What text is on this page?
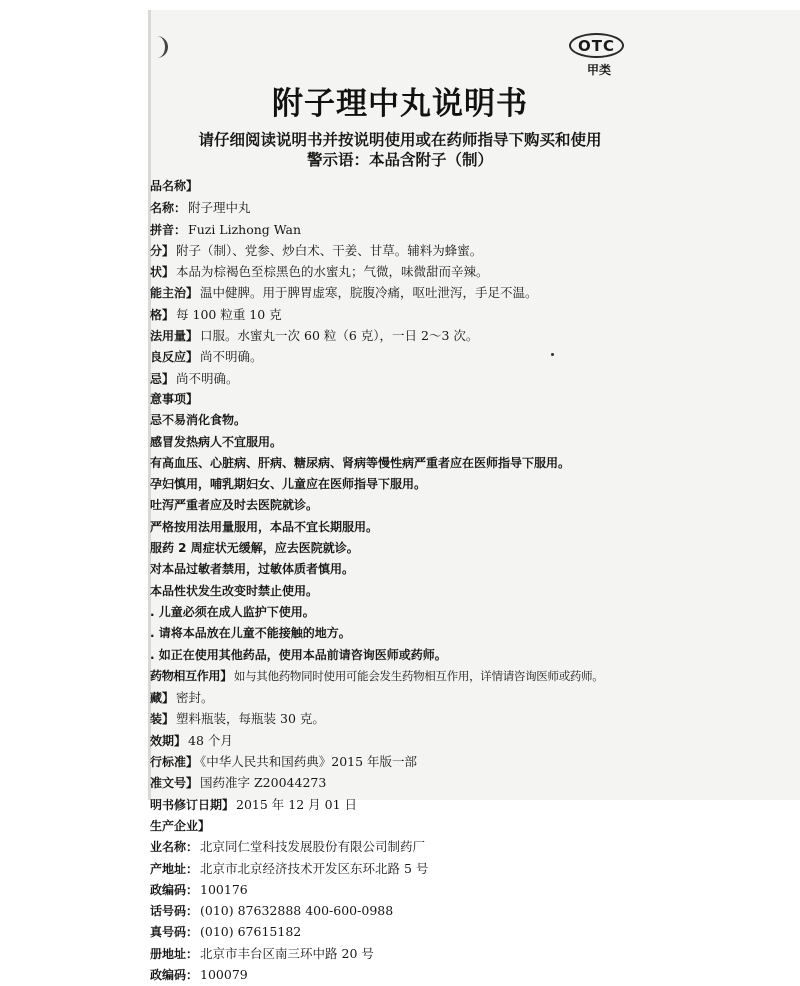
OTC
甲类
附子理中丸说明书
请仔细阅读说明书并按说明使用或在药师指导下购买和使用
警示语：本品含附子（制）
品名称】
名称： 附子理中丸
拼音： Fuzi Lizhong Wan
分】 附子（制）、党参、炒白术、干姜、甘草。辅料为蜂蜜。
状】 本品为棕褐色至棕黑色的水蜜丸；气微，味微甜而辛辣。
能主治】 温中健脾。用于脾胃虚寒，脘腹冷痛，呕吐泄泻，手足不温。
格】 每 100 粒重 10 克
法用量】 口服。水蜜丸一次 60 粒（6 克），一日 2～3 次。
良反应】 尚不明确。
忌】 尚不明确。
意事项】
忌不易消化食物。
感冒发热病人不宜服用。
有高血压、心脏病、肝病、糖尿病、肾病等慢性病严重者应在医师指导下服用。
孕妇慎用，哺乳期妇女、儿童应在医师指导下服用。
吐泻严重者应及时去医院就诊。
严格按用法用量服用，本品不宜长期服用。
服药 2 周症状无缓解，应去医院就诊。
对本品过敏者禁用，过敏体质者慎用。
本品性状发生改变时禁止使用。
. 儿童必须在成人监护下使用。
. 请将本品放在儿童不能接触的地方。
. 如正在使用其他药品，使用本品前请咨询医师或药师。
药物相互作用】 如与其他药物同时使用可能会发生药物相互作用，详情请咨询医师或药师。
藏】 密封。
装】 塑料瓶装，每瓶装 30 克。
效期】 48 个月
行标准】 《中华人民共和国药典》2015 年版一部
准文号】 国药准字 Z20044273
明书修订日期】 2015 年 12 月 01 日
生产企业】
业名称： 北京同仁堂科技发展股份有限公司制药厂
产地址： 北京市北京经济技术开发区东环北路 5 号
政编码： 100176
话号码： (010) 87632888 400-600-0988
真号码： (010) 67615182
册地址： 北京市丰台区南三环中路 20 号
政编码： 100079
